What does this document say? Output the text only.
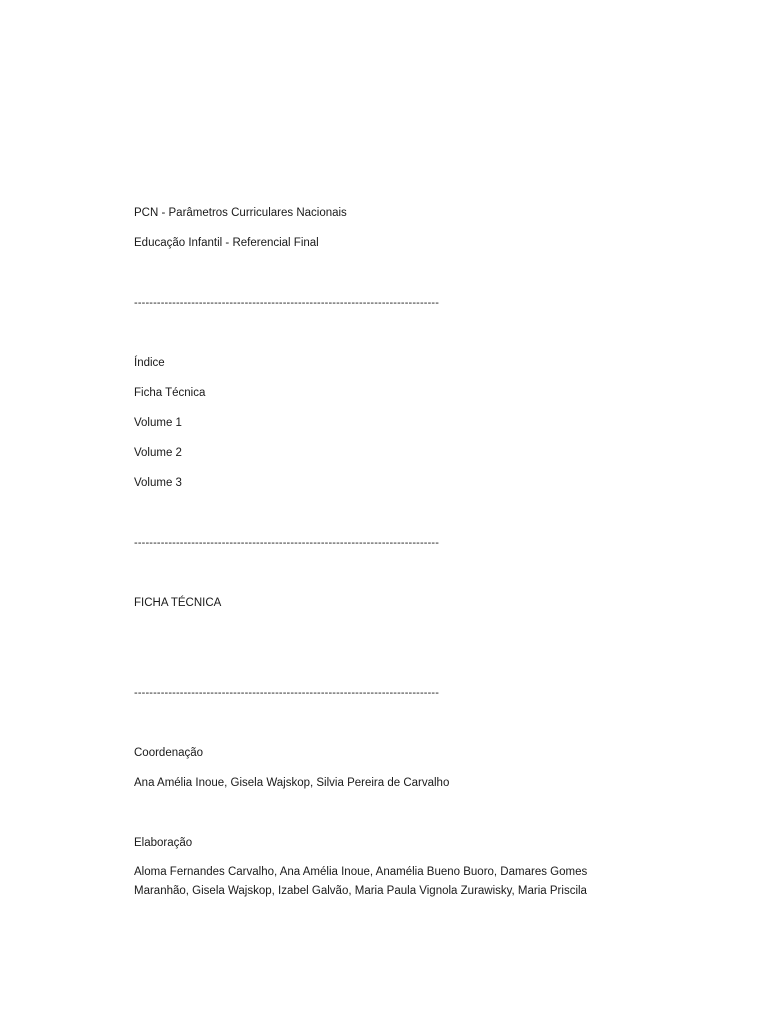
PCN - Parâmetros Curriculares Nacionais
Educação Infantil - Referencial Final
--------------------------------------------------------------------------------
Índice
Ficha Técnica
Volume 1
Volume 2
Volume 3
--------------------------------------------------------------------------------
FICHA TÉCNICA
--------------------------------------------------------------------------------
Coordenação
Ana Amélia Inoue, Gisela Wajskop, Silvia Pereira de Carvalho
Elaboração
Aloma Fernandes Carvalho, Ana Amélia Inoue, Anamélia Bueno Buoro, Damares Gomes Maranhão, Gisela Wajskop, Izabel Galvão, Maria Paula Vignola Zurawisky, Maria Priscila
